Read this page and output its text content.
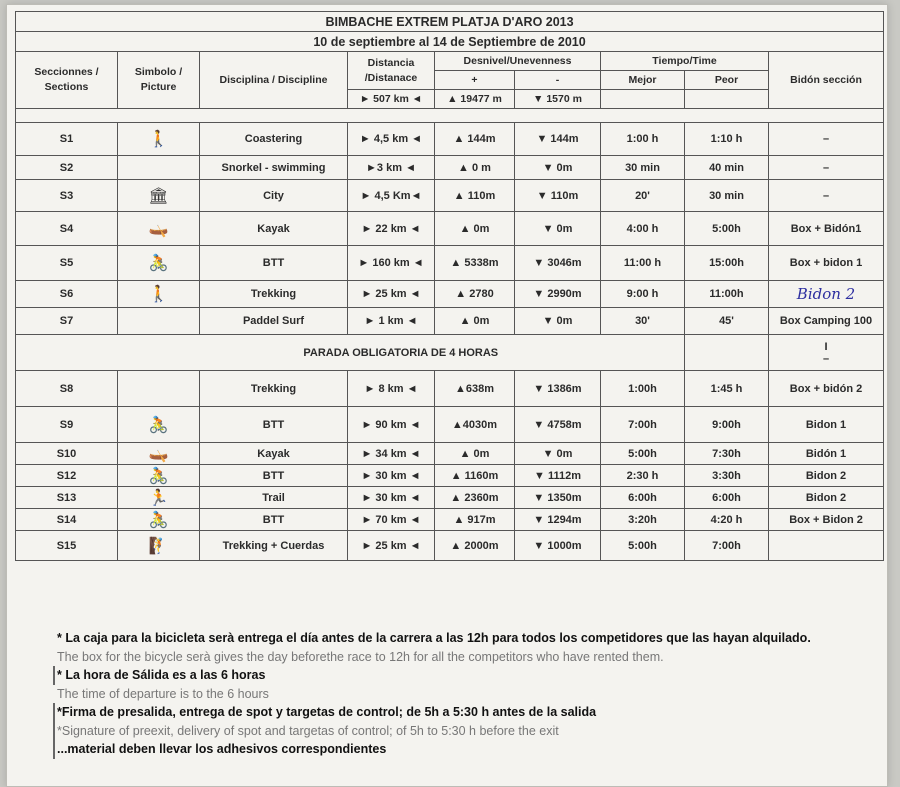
BIMBACHE EXTREM PLATJA D'ARO 2013								
10 de septiembre al 14 de Septiembre de 2010								
Seccionnes / Sections	Simbolo / Picture	Disciplina / Discipline	Distancia /Distanace	Desnivel/Unevenness		Tiempo/Time		Bidón sección
				+	-	Mejor	Peor	
			► 507 km ◄	▲ 19477 m	▼ 1570 m			

S1	🚶	Coastering	► 4,5 km ◄	▲ 144m	▼ 144m	1:00 h	1:10 h	–
S2		Snorkel - swimming	►3 km ◄	▲ 0 m	▼ 0m	30 min	40 min	–
S3	🏛	City	► 4,5 Km◄	▲ 110m	▼ 110m	20'	30 min	–
S4	🛶	Kayak	► 22 km ◄	▲ 0m	▼ 0m	4:00 h	5:00h	Box + Bidón1
S5	🚴	BTT	► 160 km ◄	▲ 5338m	▼ 3046m	11:00 h	15:00h	Box + bidon 1
S6	🚶	Trekking	► 25 km ◄	▲ 2780	▼ 2990m	9:00 h	11:00h	Bidon 2
S7		Paddel Surf	► 1 km ◄	▲ 0m	▼ 0m	30'	45'	Box Camping 100
	PARADA OBLIGATORIA DE 4 HORAS							I
–
S8		Trekking	► 8 km ◄	▲638m	▼ 1386m	1:00h	1:45 h	Box + bidón 2
S9	🚴	BTT	► 90 km ◄	▲4030m	▼ 4758m	7:00h	9:00h	Bidon 1
S10	🛶	Kayak	► 34 km ◄	▲ 0m	▼ 0m	5:00h	7:30h	Bidón 1
S12	🚴	BTT	► 30 km ◄	▲ 1160m	▼ 1112m	2:30 h	3:30h	Bidon 2
S13	🏃	Trail	► 30 km ◄	▲ 2360m	▼ 1350m	6:00h	6:00h	Bidon 2
S14	🚴	BTT	► 70 km ◄	▲ 917m	▼ 1294m	3:20h	4:20 h	Box + Bidon 2
S15	🧗	Trekking + Cuerdas	► 25 km ◄	▲ 2000m	▼ 1000m	5:00h	7:00h	
* La caja para la bicicleta serà entrega el día antes de la carrera a las 12h para todos los competidores que las hayan alquilado.
The box for the bicycle serà gives the day beforethe race to 12h for all the competitors who have rented them.
* La hora de Sálida es a las 6 horas
The time of departure is to the 6 hours
*Firma de presalida, entrega de spot y targetas de control; de 5h a 5:30 h antes de la salida
*Signature of preexit, delivery of spot and targetas of control; of 5h to 5:30 h before the exit
...material deben llevar los adhesivos correspondientes
